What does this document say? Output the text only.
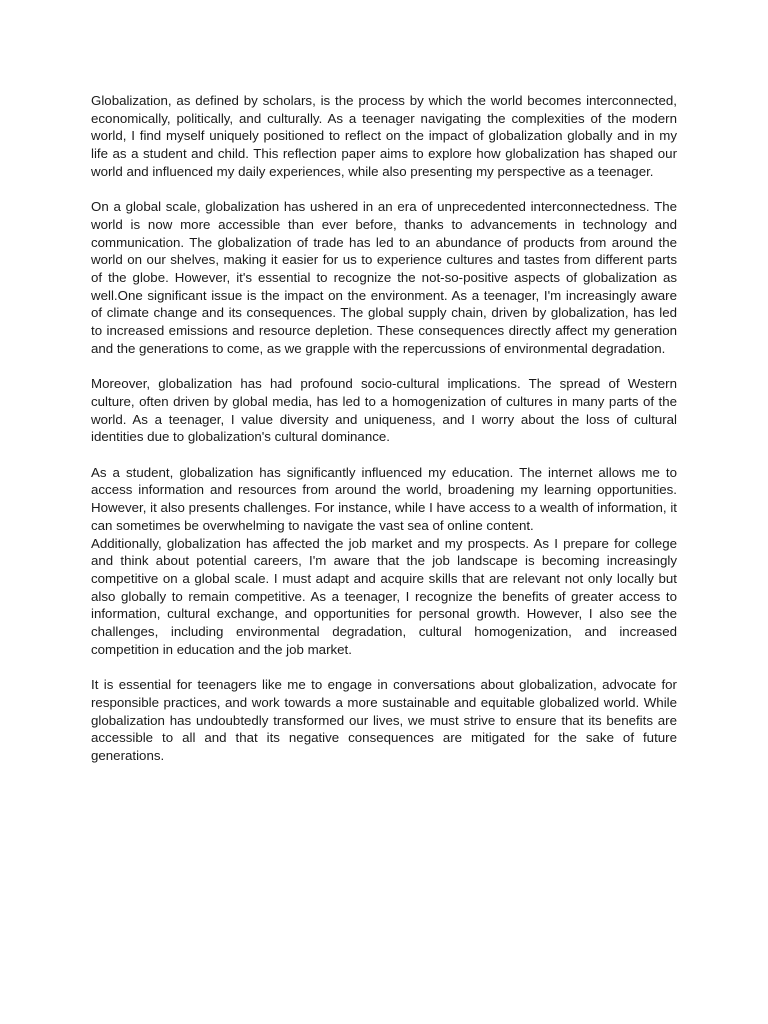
Globalization, as defined by scholars, is the process by which the world becomes interconnected, economically, politically, and culturally. As a teenager navigating the complexities of the modern world, I find myself uniquely positioned to reflect on the impact of globalization globally and in my life as a student and child. This reflection paper aims to explore how globalization has shaped our world and influenced my daily experiences, while also presenting my perspective as a teenager.

On a global scale, globalization has ushered in an era of unprecedented interconnectedness. The world is now more accessible than ever before, thanks to advancements in technology and communication. The globalization of trade has led to an abundance of products from around the world on our shelves, making it easier for us to experience cultures and tastes from different parts of the globe. However, it's essential to recognize the not-so-positive aspects of globalization as well.One significant issue is the impact on the environment. As a teenager, I'm increasingly aware of climate change and its consequences. The global supply chain, driven by globalization, has led to increased emissions and resource depletion. These consequences directly affect my generation and the generations to come, as we grapple with the repercussions of environmental degradation.

Moreover, globalization has had profound socio-cultural implications. The spread of Western culture, often driven by global media, has led to a homogenization of cultures in many parts of the world. As a teenager, I value diversity and uniqueness, and I worry about the loss of cultural identities due to globalization's cultural dominance.

As a student, globalization has significantly influenced my education. The internet allows me to access information and resources from around the world, broadening my learning opportunities. However, it also presents challenges. For instance, while I have access to a wealth of information, it can sometimes be overwhelming to navigate the vast sea of online content.

Additionally, globalization has affected the job market and my prospects. As I prepare for college and think about potential careers, I'm aware that the job landscape is becoming increasingly competitive on a global scale. I must adapt and acquire skills that are relevant not only locally but also globally to remain competitive. As a teenager, I recognize the benefits of greater access to information, cultural exchange, and opportunities for personal growth. However, I also see the challenges, including environmental degradation, cultural homogenization, and increased competition in education and the job market.

It is essential for teenagers like me to engage in conversations about globalization, advocate for responsible practices, and work towards a more sustainable and equitable globalized world. While globalization has undoubtedly transformed our lives, we must strive to ensure that its benefits are accessible to all and that its negative consequences are mitigated for the sake of future generations.
